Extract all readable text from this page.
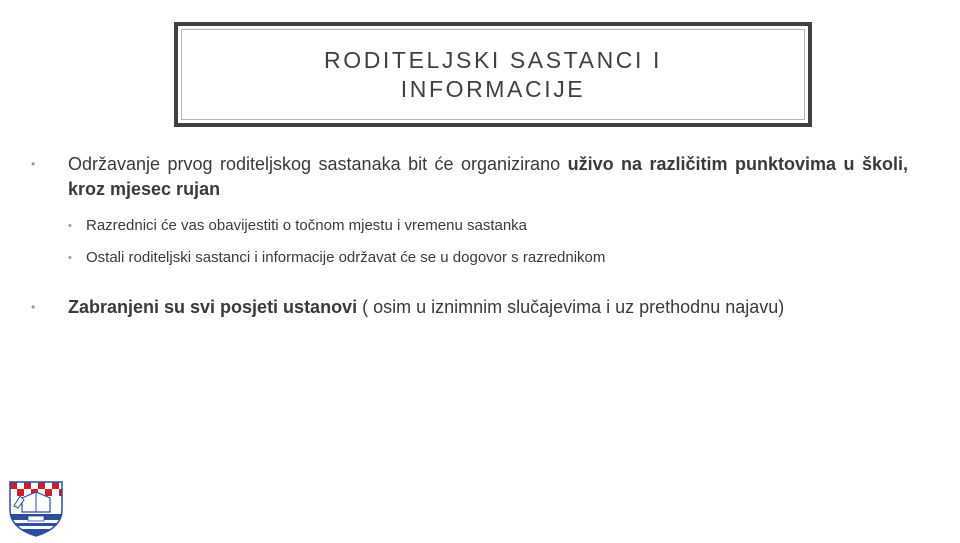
RODITELJSKI SASTANCI I INFORMACIJE
• Održavanje prvog roditeljskog sastanaka bit će organizirano uživo na različitim punktovima u školi, kroz mjesec rujan
• Razrednici će vas obavijestiti o točnom mjestu i vremenu sastanka
• Ostali roditeljski sastanci i informacije održavat će se u dogovor s razrednikom
• Zabranjeni su svi posjeti ustanovi ( osim u iznimnim slučajevima i uz prethodnu najavu)
